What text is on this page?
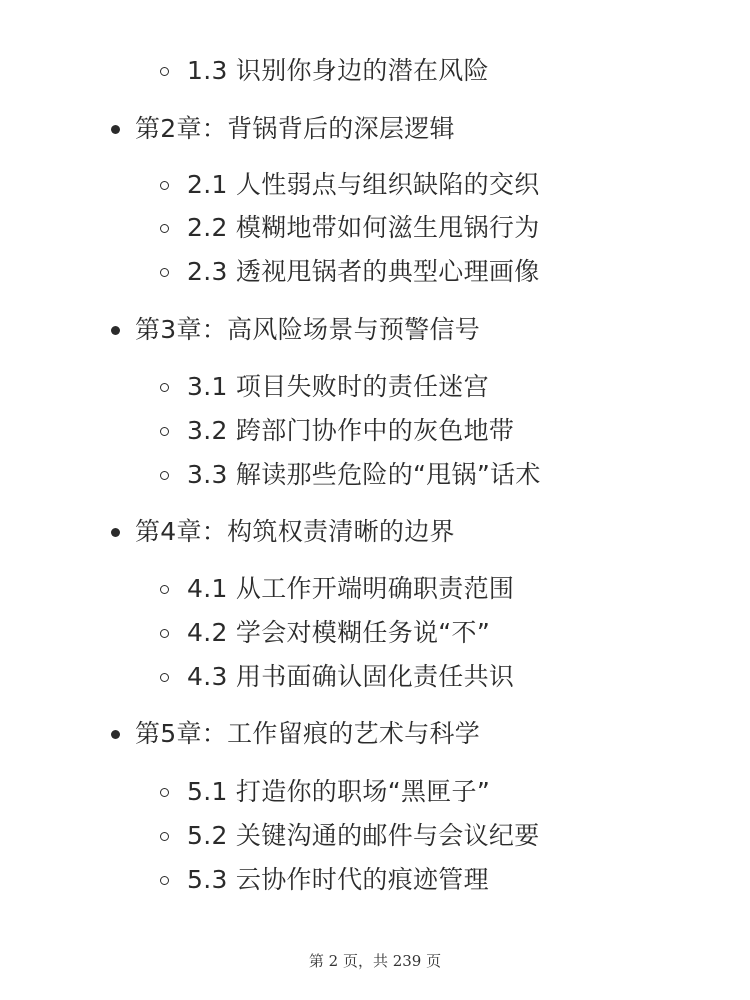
1.3 识别你身边的潜在风险
第2章：背锅背后的深层逻辑
2.1 人性弱点与组织缺陷的交织
2.2 模糊地带如何滋生甩锅行为
2.3 透视甩锅者的典型心理画像
第3章：高风险场景与预警信号
3.1 项目失败时的责任迷宫
3.2 跨部门协作中的灰色地带
3.3 解读那些危险的“甩锅”话术
第4章：构筑权责清晰的边界
4.1 从工作开端明确职责范围
4.2 学会对模糊任务说“不”
4.3 用书面确认固化责任共识
第5章：工作留痕的艺术与科学
5.1 打造你的职场“黑匣子”
5.2 关键沟通的邮件与会议纪要
5.3 云协作时代的痕迹管理
第 2 页，共 239 页
